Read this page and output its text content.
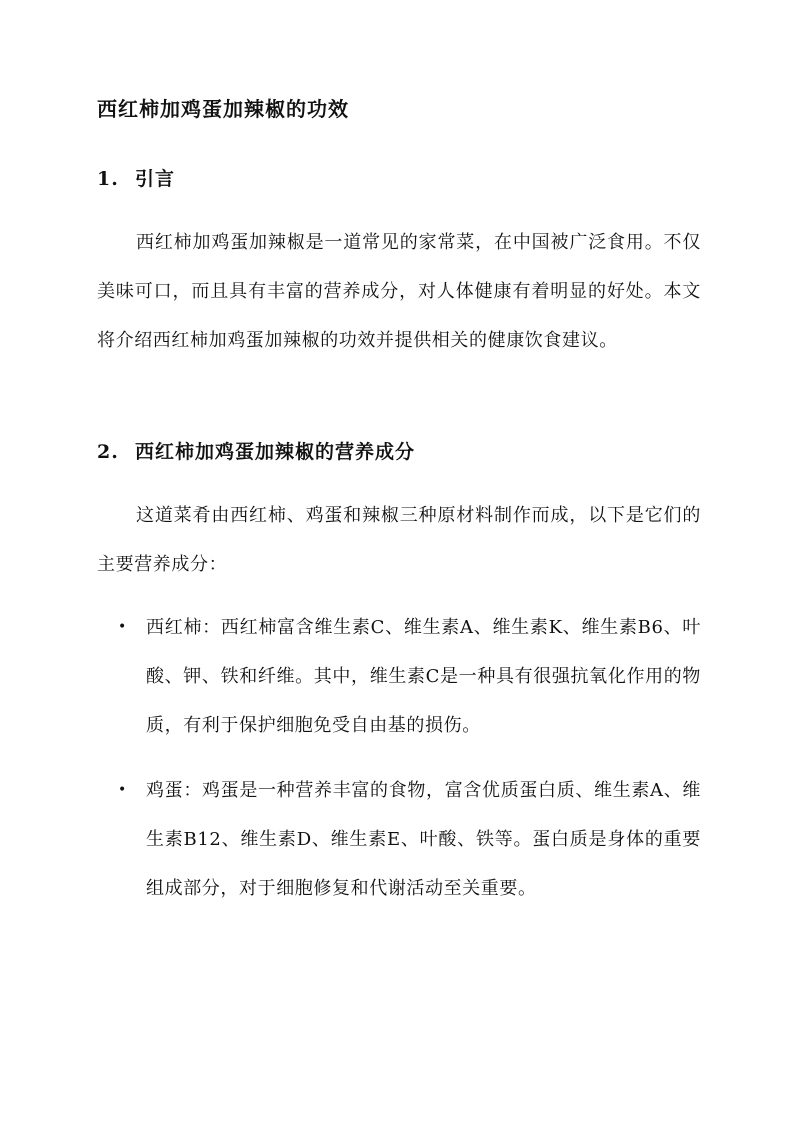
西红柿加鸡蛋加辣椒的功效
1. 引言
西红柿加鸡蛋加辣椒是一道常见的家常菜，在中国被广泛食用。不仅美味可口，而且具有丰富的营养成分，对人体健康有着明显的好处。本文将介绍西红柿加鸡蛋加辣椒的功效并提供相关的健康饮食建议。
2. 西红柿加鸡蛋加辣椒的营养成分
这道菜肴由西红柿、鸡蛋和辣椒三种原材料制作而成，以下是它们的主要营养成分：
• 西红柿：西红柿富含维生素C、维生素A、维生素K、维生素B6、叶酸、钾、铁和纤维。其中，维生素C是一种具有很强抗氧化作用的物质，有利于保护细胞免受自由基的损伤。
• 鸡蛋：鸡蛋是一种营养丰富的食物，富含优质蛋白质、维生素A、维生素B12、维生素D、维生素E、叶酸、铁等。蛋白质是身体的重要组成部分，对于细胞修复和代谢活动至关重要。
